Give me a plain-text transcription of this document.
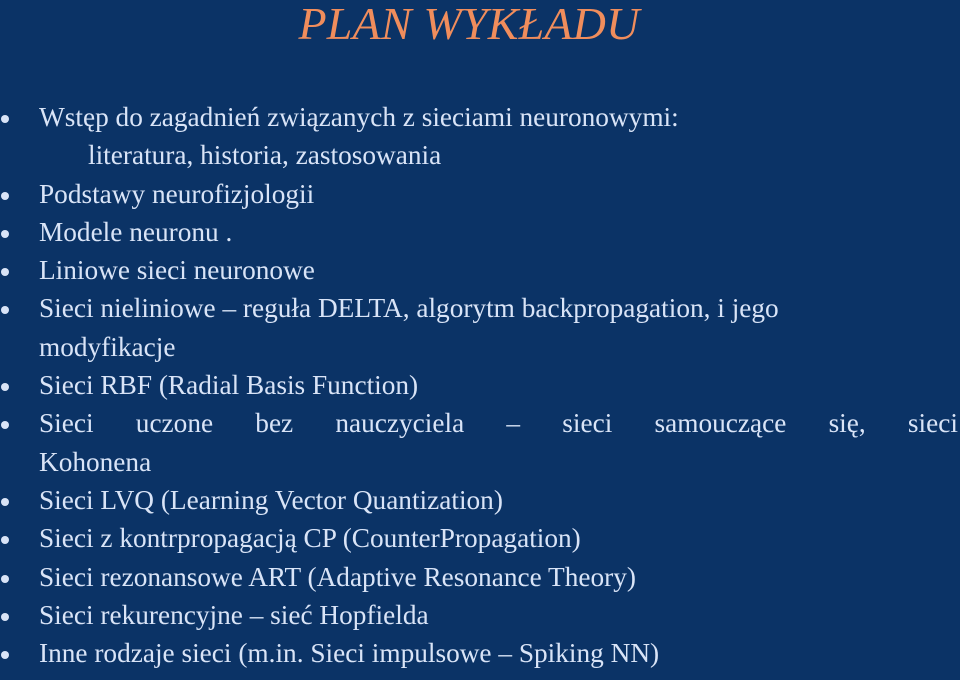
PLAN WYKŁADU
Wstęp do zagadnień związanych z sieciami neuronowymi:
literatura, historia, zastosowania
Podstawy neurofizjologii
Modele neuronu .
Liniowe sieci neuronowe
Sieci nieliniowe – reguła DELTA, algorytm backpropagation, i jego
modyfikacje
Sieci RBF (Radial Basis Function)
Sieci uczone bez nauczyciela – sieci samouczące się, sieci
Kohonena
Sieci LVQ (Learning Vector Quantization)
Sieci z kontrpropagacją CP (CounterPropagation)
Sieci rezonansowe ART (Adaptive Resonance Theory)
Sieci rekurencyjne – sieć Hopfielda
Inne rodzaje sieci (m.in. Sieci impulsowe – Spiking NN)
